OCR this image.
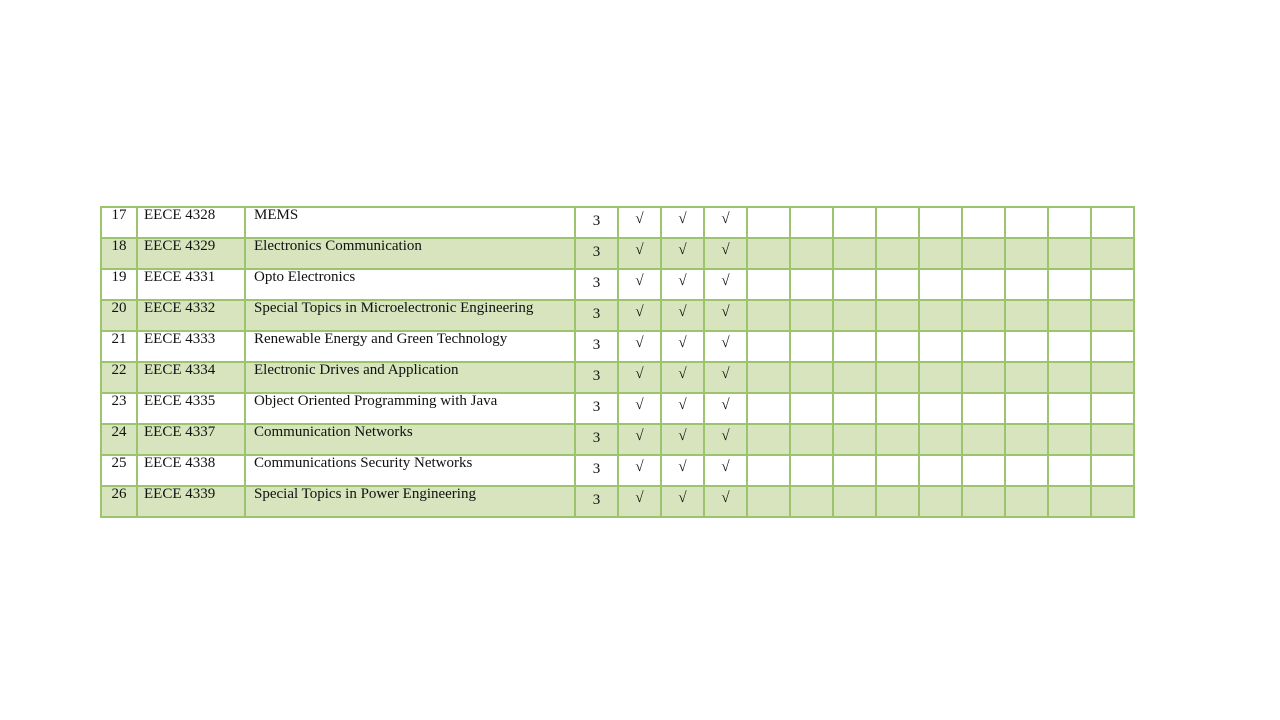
17	EECE 4328	MEMS	3	√	√	√									
18	EECE 4329	Electronics Communication	3	√	√	√									
19	EECE 4331	Opto Electronics	3	√	√	√									
20	EECE 4332	Special Topics in Microelectronic Engineering	3	√	√	√									
21	EECE 4333	Renewable Energy and Green Technology	3	√	√	√									
22	EECE 4334	Electronic Drives and Application	3	√	√	√									
23	EECE 4335	Object Oriented Programming with Java	3	√	√	√									
24	EECE 4337	Communication Networks	3	√	√	√									
25	EECE 4338	Communications Security Networks	3	√	√	√									
26	EECE 4339	Special Topics in Power Engineering	3	√	√	√									
